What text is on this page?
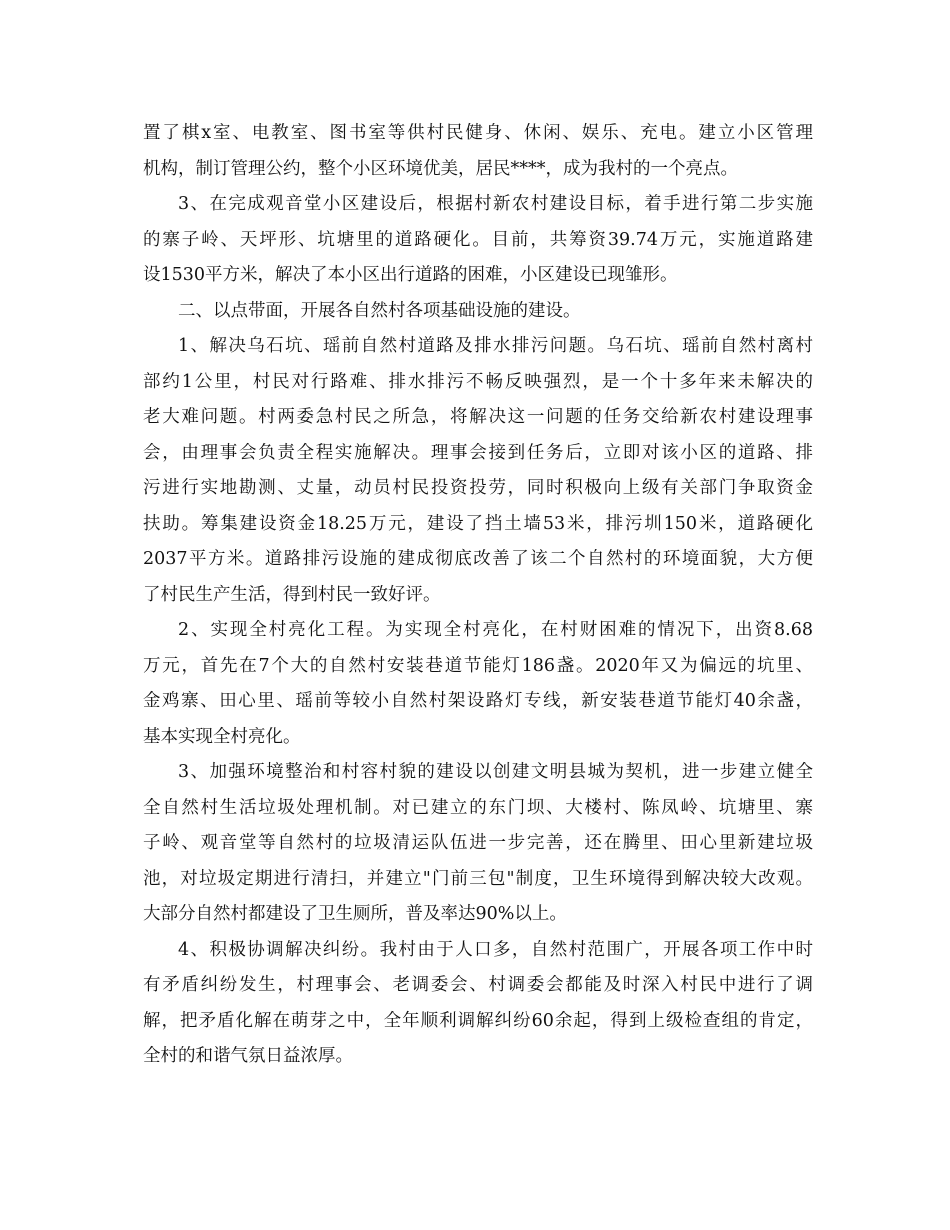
置了棋x室、电教室、图书室等供村民健身、休闲、娱乐、充电。建立小区管理
机构，制订管理公约，整个小区环境优美，居民****，成为我村的一个亮点。
3、在完成观音堂小区建设后，根据村新农村建设目标，着手进行第二步实施
的寨子岭、天坪形、坑塘里的道路硬化。目前，共筹资39.74万元，实施道路建
设1530平方米，解决了本小区出行道路的困难，小区建设已现雏形。
二、以点带面，开展各自然村各项基础设施的建设。
1、解决乌石坑、瑶前自然村道路及排水排污问题。乌石坑、瑶前自然村离村
部约1公里，村民对行路难、排水排污不畅反映强烈，是一个十多年来未解决的
老大难问题。村两委急村民之所急，将解决这一问题的任务交给新农村建设理事
会，由理事会负责全程实施解决。理事会接到任务后，立即对该小区的道路、排
污进行实地勘测、丈量，动员村民投资投劳，同时积极向上级有关部门争取资金
扶助。筹集建设资金18.25万元，建设了挡土墙53米，排污圳150米，道路硬化
2037平方米。道路排污设施的建成彻底改善了该二个自然村的环境面貌，大方便
了村民生产生活，得到村民一致好评。
2、实现全村亮化工程。为实现全村亮化，在村财困难的情况下，出资8.68
万元，首先在7个大的自然村安装巷道节能灯186盏。2020年又为偏远的坑里、
金鸡寨、田心里、瑶前等较小自然村架设路灯专线，新安装巷道节能灯40余盏，
基本实现全村亮化。
3、加强环境整治和村容村貌的建设以创建文明县城为契机，进一步建立健全
全自然村生活垃圾处理机制。对已建立的东门坝、大楼村、陈凤岭、坑塘里、寨
子岭、观音堂等自然村的垃圾清运队伍进一步完善，还在腾里、田心里新建垃圾
池，对垃圾定期进行清扫，并建立"门前三包"制度，卫生环境得到解决较大改观。
大部分自然村都建设了卫生厕所，普及率达90%以上。
4、积极协调解决纠纷。我村由于人口多，自然村范围广，开展各项工作中时
有矛盾纠纷发生，村理事会、老调委会、村调委会都能及时深入村民中进行了调
解，把矛盾化解在萌芽之中，全年顺利调解纠纷60余起，得到上级检查组的肯定，
全村的和谐气氛日益浓厚。
